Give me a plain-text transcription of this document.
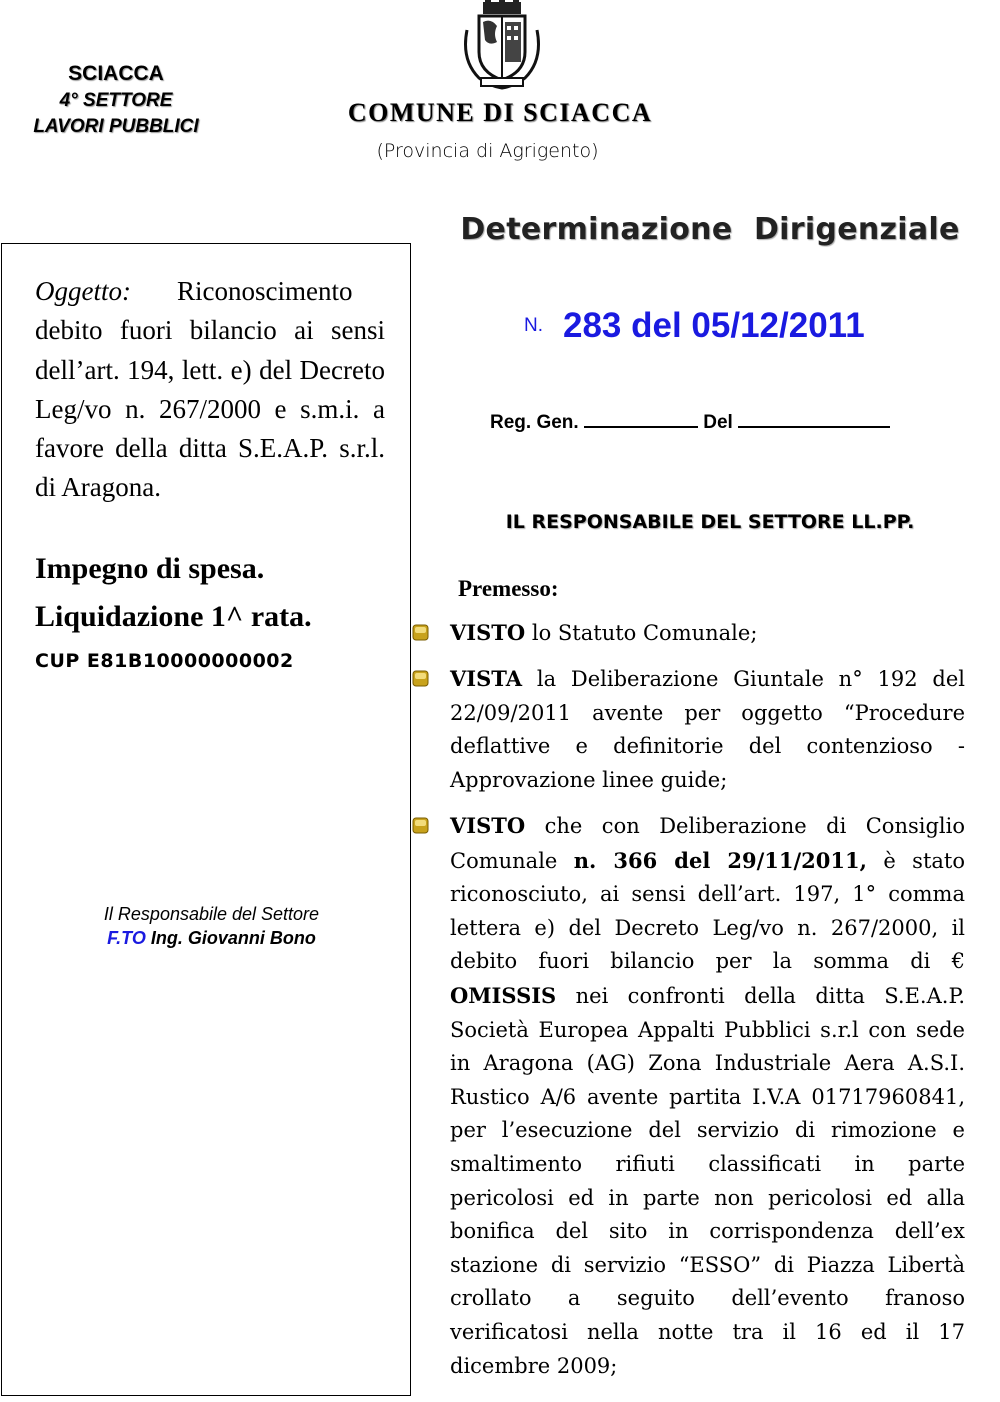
SCIACCA
4° SETTORE
LAVORI PUBBLICI	COMUNE DI SCIACCA
(Provincia di Agrigento)
Oggetto: Riconoscimento debito fuori bilancio ai sensi dell’art. 194, lett. e) del Decreto Leg/vo n. 267/2000 e s.m.i. a favore della ditta S.E.A.P. s.r.l. di Aragona.
Impegno di spesa.
Liquidazione 1^ rata.
CUP E81B10000000002
Il Responsabile del Settore
F.TO Ing. Giovanni Bono
Determinazione  Dirigenziale
N. 283 del 05/12/2011
Reg. Gen.	Del
IL RESPONSABILE DEL SETTORE LL.PP.
Premesso:
VISTO lo Statuto Comunale;
VISTA la Deliberazione Giuntale n° 192 del 22/09/2011 avente per oggetto “Procedure deflattive e definitorie del contenzioso - Approvazione linee guide;
VISTO che con Deliberazione di Consiglio Comunale n. 366 del 29/11/2011, è stato riconosciuto, ai sensi dell’art. 197, 1° comma lettera e) del Decreto Leg/vo n. 267/2000, il debito fuori bilancio per la somma di € OMISSIS nei confronti della ditta S.E.A.P. Società Europea Appalti Pubblici s.r.l con sede in Aragona (AG) Zona Industriale Aera A.S.I. Rustico A/6 avente partita I.V.A 01717960841, per l’esecuzione del servizio di rimozione e smaltimento rifiuti classificati in parte pericolosi ed in parte non pericolosi ed alla bonifica del sito in corrispondenza dell’ex stazione di servizio “ESSO” di Piazza Libertà crollato a seguito dell’evento franoso verificatosi nella notte tra il 16 ed il 17 dicembre 2009;
